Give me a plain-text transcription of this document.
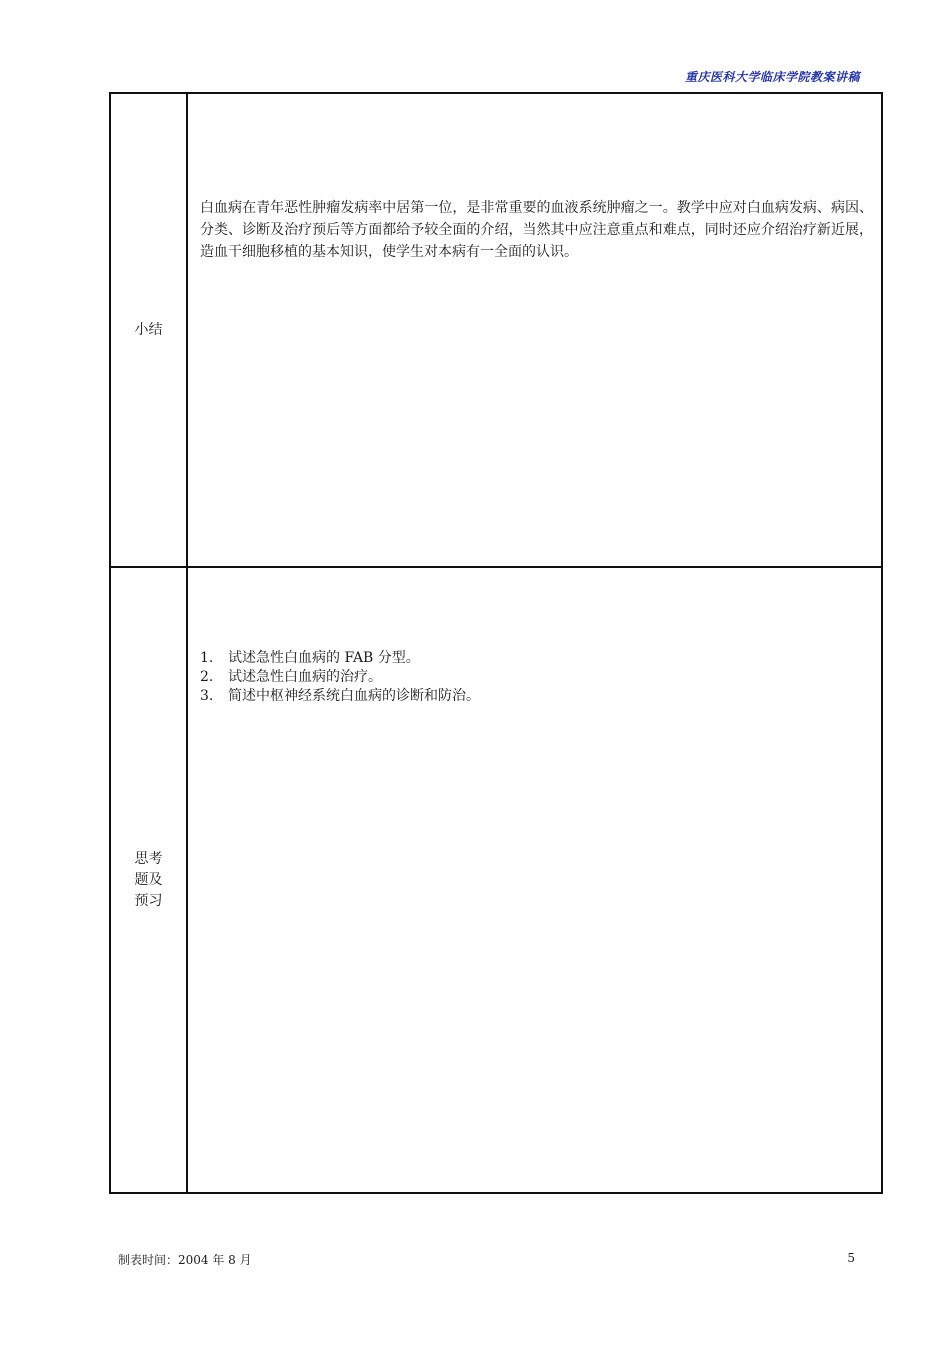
重庆医科大学临床学院教案讲稿
小结

白血病在青年恶性肿瘤发病率中居第一位，是非常重要的血液系统肿瘤之一。教学中应对白血病发病、病因、分类、诊断及治疗预后等方面都给予较全面的介绍，当然其中应注意重点和难点，同时还应介绍治疗新近展，造血干细胞移植的基本知识，使学生对本病有一全面的认识。

思考题及预习
1.	试述急性白血病的 FAB 分型。
2.	试述急性白血病的治疗。
3.	简述中枢神经系统白血病的诊断和防治。
制表时间：2004 年 8 月	5
